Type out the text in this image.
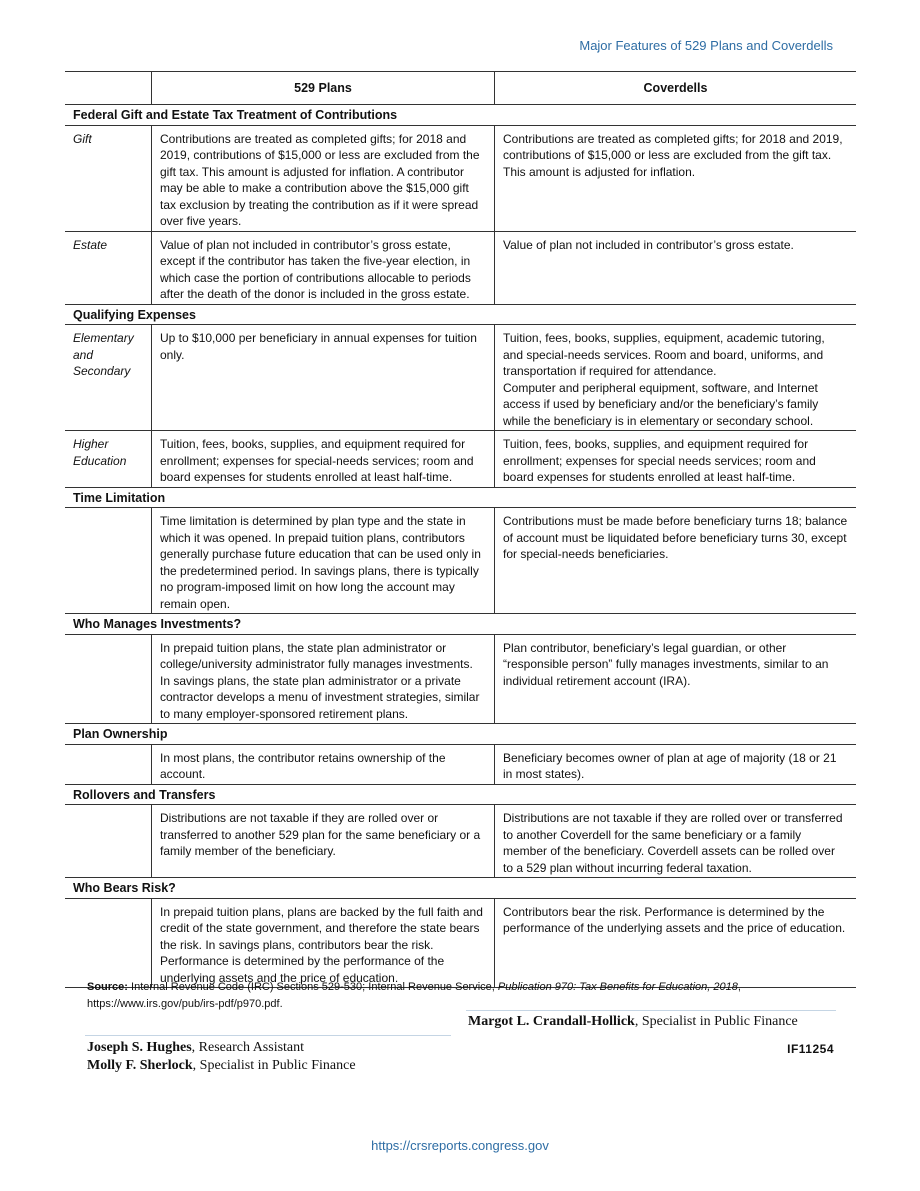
Major Features of 529 Plans and Coverdells
	529 Plans	Coverdells
Federal Gift and Estate Tax Treatment of Contributions		
Gift	Contributions are treated as completed gifts; for 2018 and 2019, contributions of $15,000 or less are excluded from the gift tax. This amount is adjusted for inflation. A contributor may be able to make a contribution above the $15,000 gift tax exclusion by treating the contribution as if it were spread over five years.	Contributions are treated as completed gifts; for 2018 and 2019, contributions of $15,000 or less are excluded from the gift tax. This amount is adjusted for inflation.
Estate	Value of plan not included in contributor’s gross estate, except if the contributor has taken the five-year election, in which case the portion of contributions allocable to periods after the death of the donor is included in the gross estate.	Value of plan not included in contributor’s gross estate.
Qualifying Expenses		
Elementary and Secondary	Up to $10,000 per beneficiary in annual expenses for tuition only.	Tuition, fees, books, supplies, equipment, academic tutoring, and special-needs services. Room and board, uniforms, and transportation if required for attendance.
Computer and peripheral equipment, software, and Internet access if used by beneficiary and/or the beneficiary’s family while the beneficiary is in elementary or secondary school.

Higher Education	Tuition, fees, books, supplies, and equipment required for enrollment; expenses for special-needs services; room and board expenses for students enrolled at least half-time.	Tuition, fees, books, supplies, and equipment required for enrollment; expenses for special needs services; room and board expenses for students enrolled at least half-time.
Time Limitation		
	Time limitation is determined by plan type and the state in which it was opened. In prepaid tuition plans, contributors generally purchase future education that can be used only in the predetermined period. In savings plans, there is typically no program-imposed limit on how long the account may remain open.	Contributions must be made before beneficiary turns 18; balance of account must be liquidated before beneficiary turns 30, except for special-needs beneficiaries.
Who Manages Investments?		
	In prepaid tuition plans, the state plan administrator or college/university administrator fully manages investments. In savings plans, the state plan administrator or a private contractor develops a menu of investment strategies, similar to many employer-sponsored retirement plans.	Plan contributor, beneficiary’s legal guardian, or other “responsible person” fully manages investments, similar to an individual retirement account (IRA).
Plan Ownership		
	In most plans, the contributor retains ownership of the account.	Beneficiary becomes owner of plan at age of majority (18 or 21 in most states).
Rollovers and Transfers		
	Distributions are not taxable if they are rolled over or transferred to another 529 plan for the same beneficiary or a family member of the beneficiary.	Distributions are not taxable if they are rolled over or transferred to another Coverdell for the same beneficiary or a family member of the beneficiary. Coverdell assets can be rolled over to a 529 plan without incurring federal taxation.
Who Bears Risk?		
	In prepaid tuition plans, plans are backed by the full faith and credit of the state government, and therefore the state bears the risk. In savings plans, contributors bear the risk. Performance is determined by the performance of the underlying assets and the price of education.	Contributors bear the risk. Performance is determined by the performance of the underlying assets and the price of education.
Source: Internal Revenue Code (IRC) Sections 529-530; Internal Revenue Service, Publication 970: Tax Benefits for Education, 2018, https://www.irs.gov/pub/irs-pdf/p970.pdf.
Margot L. Crandall-Hollick, Specialist in Public Finance
Joseph S. Hughes, Research Assistant
Molly F. Sherlock, Specialist in Public Finance
IF11254
https://crsreports.congress.gov
